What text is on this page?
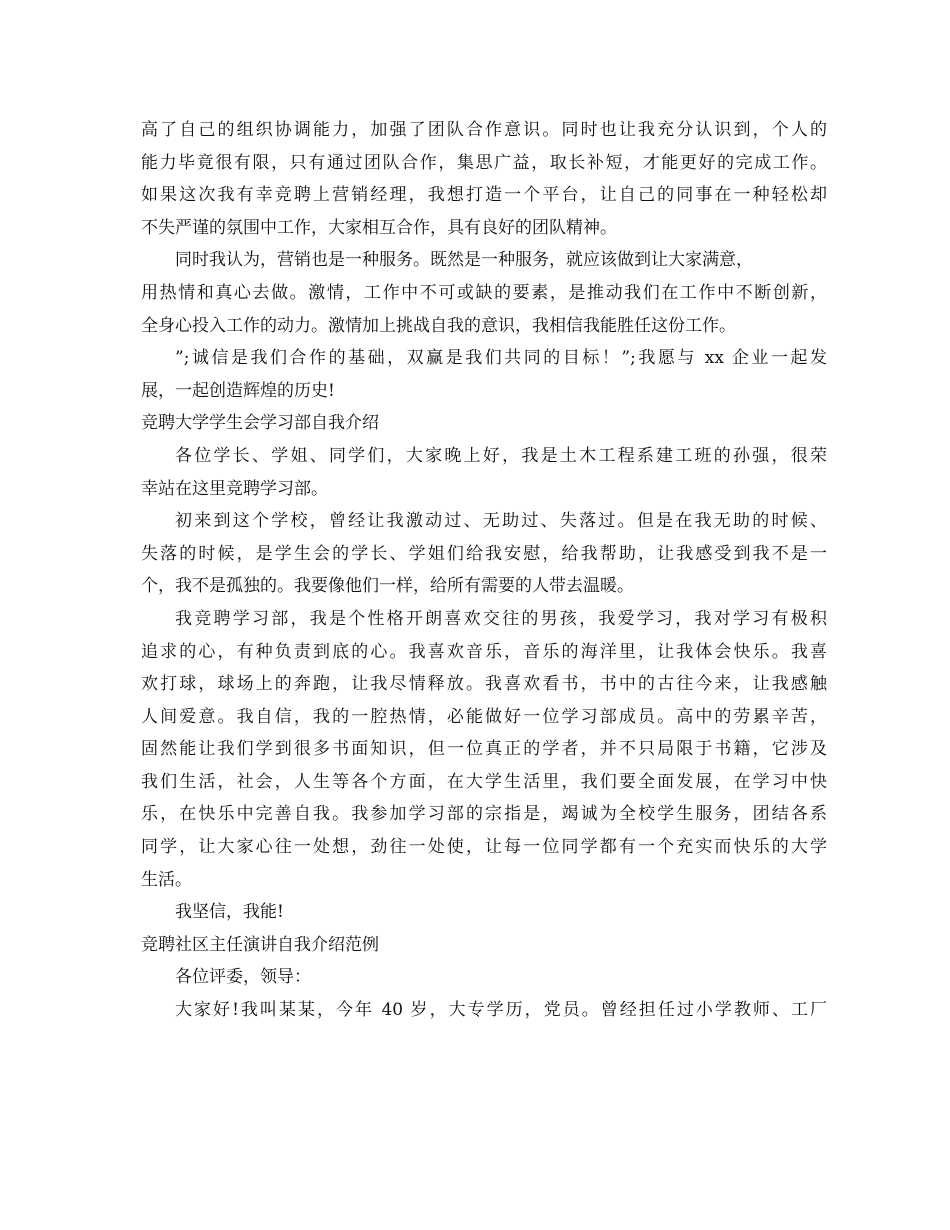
高了自己的组织协调能力，加强了团队合作意识。同时也让我充分认识到，个人的
能力毕竟很有限，只有通过团队合作，集思广益，取长补短，才能更好的完成工作。
如果这次我有幸竞聘上营销经理，我想打造一个平台，让自己的同事在一种轻松却
不失严谨的氛围中工作，大家相互合作，具有良好的团队精神。
同时我认为，营销也是一种服务。既然是一种服务，就应该做到让大家满意，
用热情和真心去做。激情，工作中不可或缺的要素，是推动我们在工作中不断创新，
全身心投入工作的动力。激情加上挑战自我的意识，我相信我能胜任这份工作。
”;诚信是我们合作的基础，双赢是我们共同的目标！”;我愿与 xx 企业一起发
展，一起创造辉煌的历史!
竞聘大学学生会学习部自我介绍
各位学长、学姐、同学们，大家晚上好，我是土木工程系建工班的孙强，很荣
幸站在这里竞聘学习部。
初来到这个学校，曾经让我激动过、无助过、失落过。但是在我无助的时候、
失落的时候，是学生会的学长、学姐们给我安慰，给我帮助，让我感受到我不是一
个，我不是孤独的。我要像他们一样，给所有需要的人带去温暖。
我竞聘学习部，我是个性格开朗喜欢交往的男孩，我爱学习，我对学习有极积
追求的心，有种负责到底的心。我喜欢音乐，音乐的海洋里，让我体会快乐。我喜
欢打球，球场上的奔跑，让我尽情释放。我喜欢看书，书中的古往今来，让我感触
人间爱意。我自信，我的一腔热情，必能做好一位学习部成员。高中的劳累辛苦，
固然能让我们学到很多书面知识，但一位真正的学者，并不只局限于书籍，它涉及
我们生活，社会，人生等各个方面，在大学生活里，我们要全面发展，在学习中快
乐，在快乐中完善自我。我参加学习部的宗指是，竭诚为全校学生服务，团结各系
同学，让大家心往一处想，劲往一处使，让每一位同学都有一个充实而快乐的大学
生活。
我坚信，我能!
竞聘社区主任演讲自我介绍范例
各位评委，领导：
大家好!我叫某某，今年 40 岁，大专学历，党员。曾经担任过小学教师、工厂
